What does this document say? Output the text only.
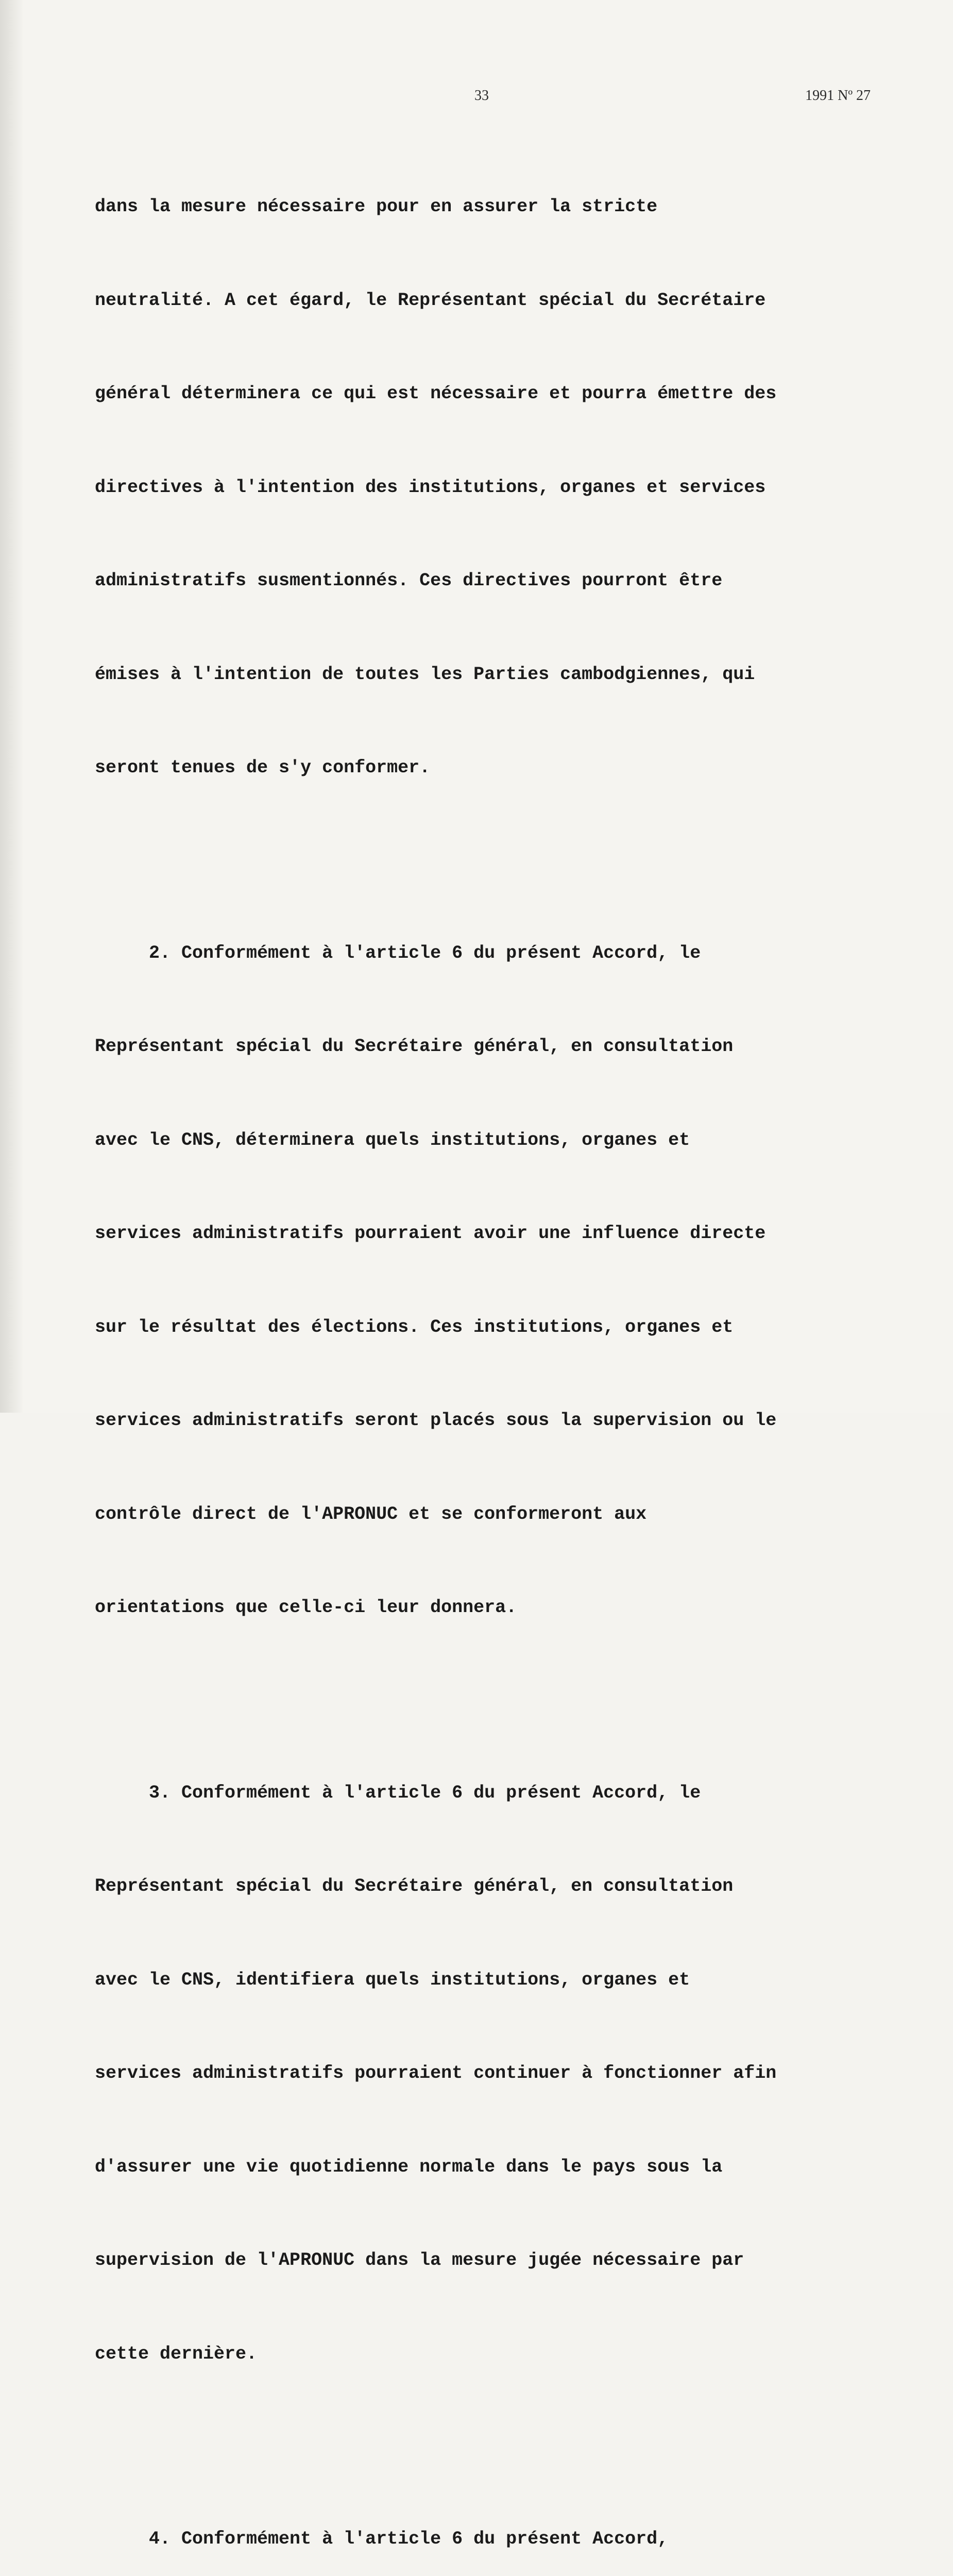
33	1991 Nº 27

dans la mesure nécessaire pour en assurer la stricte

neutralité. A cet égard, le Représentant spécial du Secrétaire

général déterminera ce qui est nécessaire et pourra émettre des

directives à l'intention des institutions, organes et services

administratifs susmentionnés. Ces directives pourront être

émises à l'intention de toutes les Parties cambodgiennes, qui

seront tenues de s'y conformer.

2. Conformément à l'article 6 du présent Accord, le

Représentant spécial du Secrétaire général, en consultation

avec le CNS, déterminera quels institutions, organes et

services administratifs pourraient avoir une influence directe

sur le résultat des élections. Ces institutions, organes et

services administratifs seront placés sous la supervision ou le

contrôle direct de l'APRONUC et se conformeront aux

orientations que celle-ci leur donnera.

3. Conformément à l'article 6 du présent Accord, le

Représentant spécial du Secrétaire général, en consultation

avec le CNS, identifiera quels institutions, organes et

services administratifs pourraient continuer à fonctionner afin

d'assurer une vie quotidienne normale dans le pays sous la

supervision de l'APRONUC dans la mesure jugée nécessaire par

cette dernière.

4. Conformément à l'article 6 du présent Accord,
